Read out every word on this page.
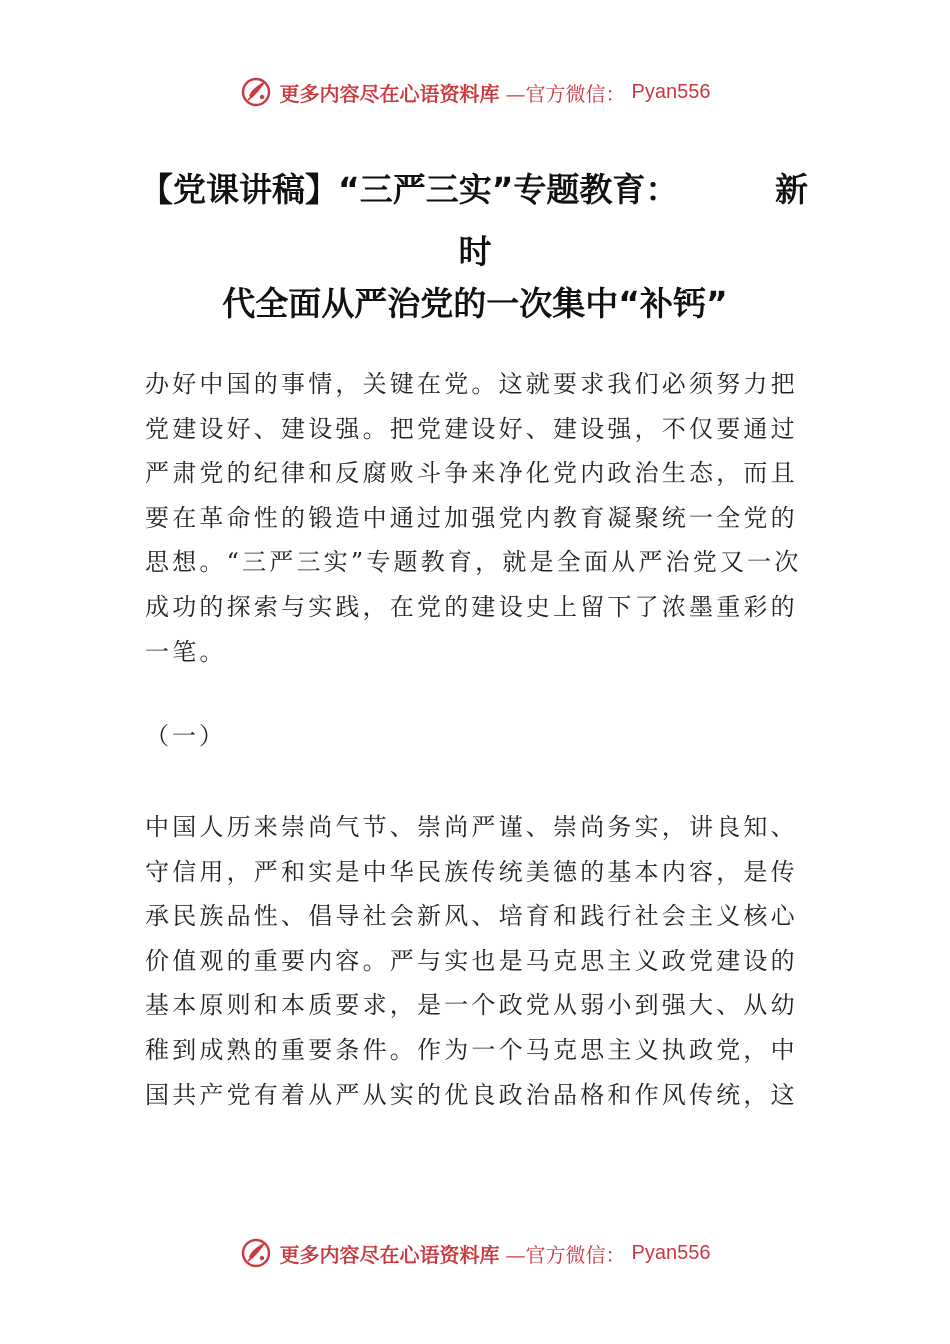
更多内容尽在心语资料库 —官方微信： Pyan556
【党课讲稿】“三严三实”专题教育：	新
时
代全面从严治党的一次集中“补钙”
办好中国的事情，关键在党。这就要求我们必须努力把
党建设好、建设强。把党建设好、建设强，不仅要通过
严肃党的纪律和反腐败斗争来净化党内政治生态，而且
要在革命性的锻造中通过加强党内教育凝聚统一全党的
思想。“三严三实”专题教育，就是全面从严治党又一次
成功的探索与实践，在党的建设史上留下了浓墨重彩的
一笔。
（一）
中国人历来崇尚气节、崇尚严谨、崇尚务实，讲良知、
守信用，严和实是中华民族传统美德的基本内容，是传
承民族品性、倡导社会新风、培育和践行社会主义核心
价值观的重要内容。严与实也是马克思主义政党建设的
基本原则和本质要求，是一个政党从弱小到强大、从幼
稚到成熟的重要条件。作为一个马克思主义执政党，中
国共产党有着从严从实的优良政治品格和作风传统，这
更多内容尽在心语资料库 —官方微信： Pyan556
